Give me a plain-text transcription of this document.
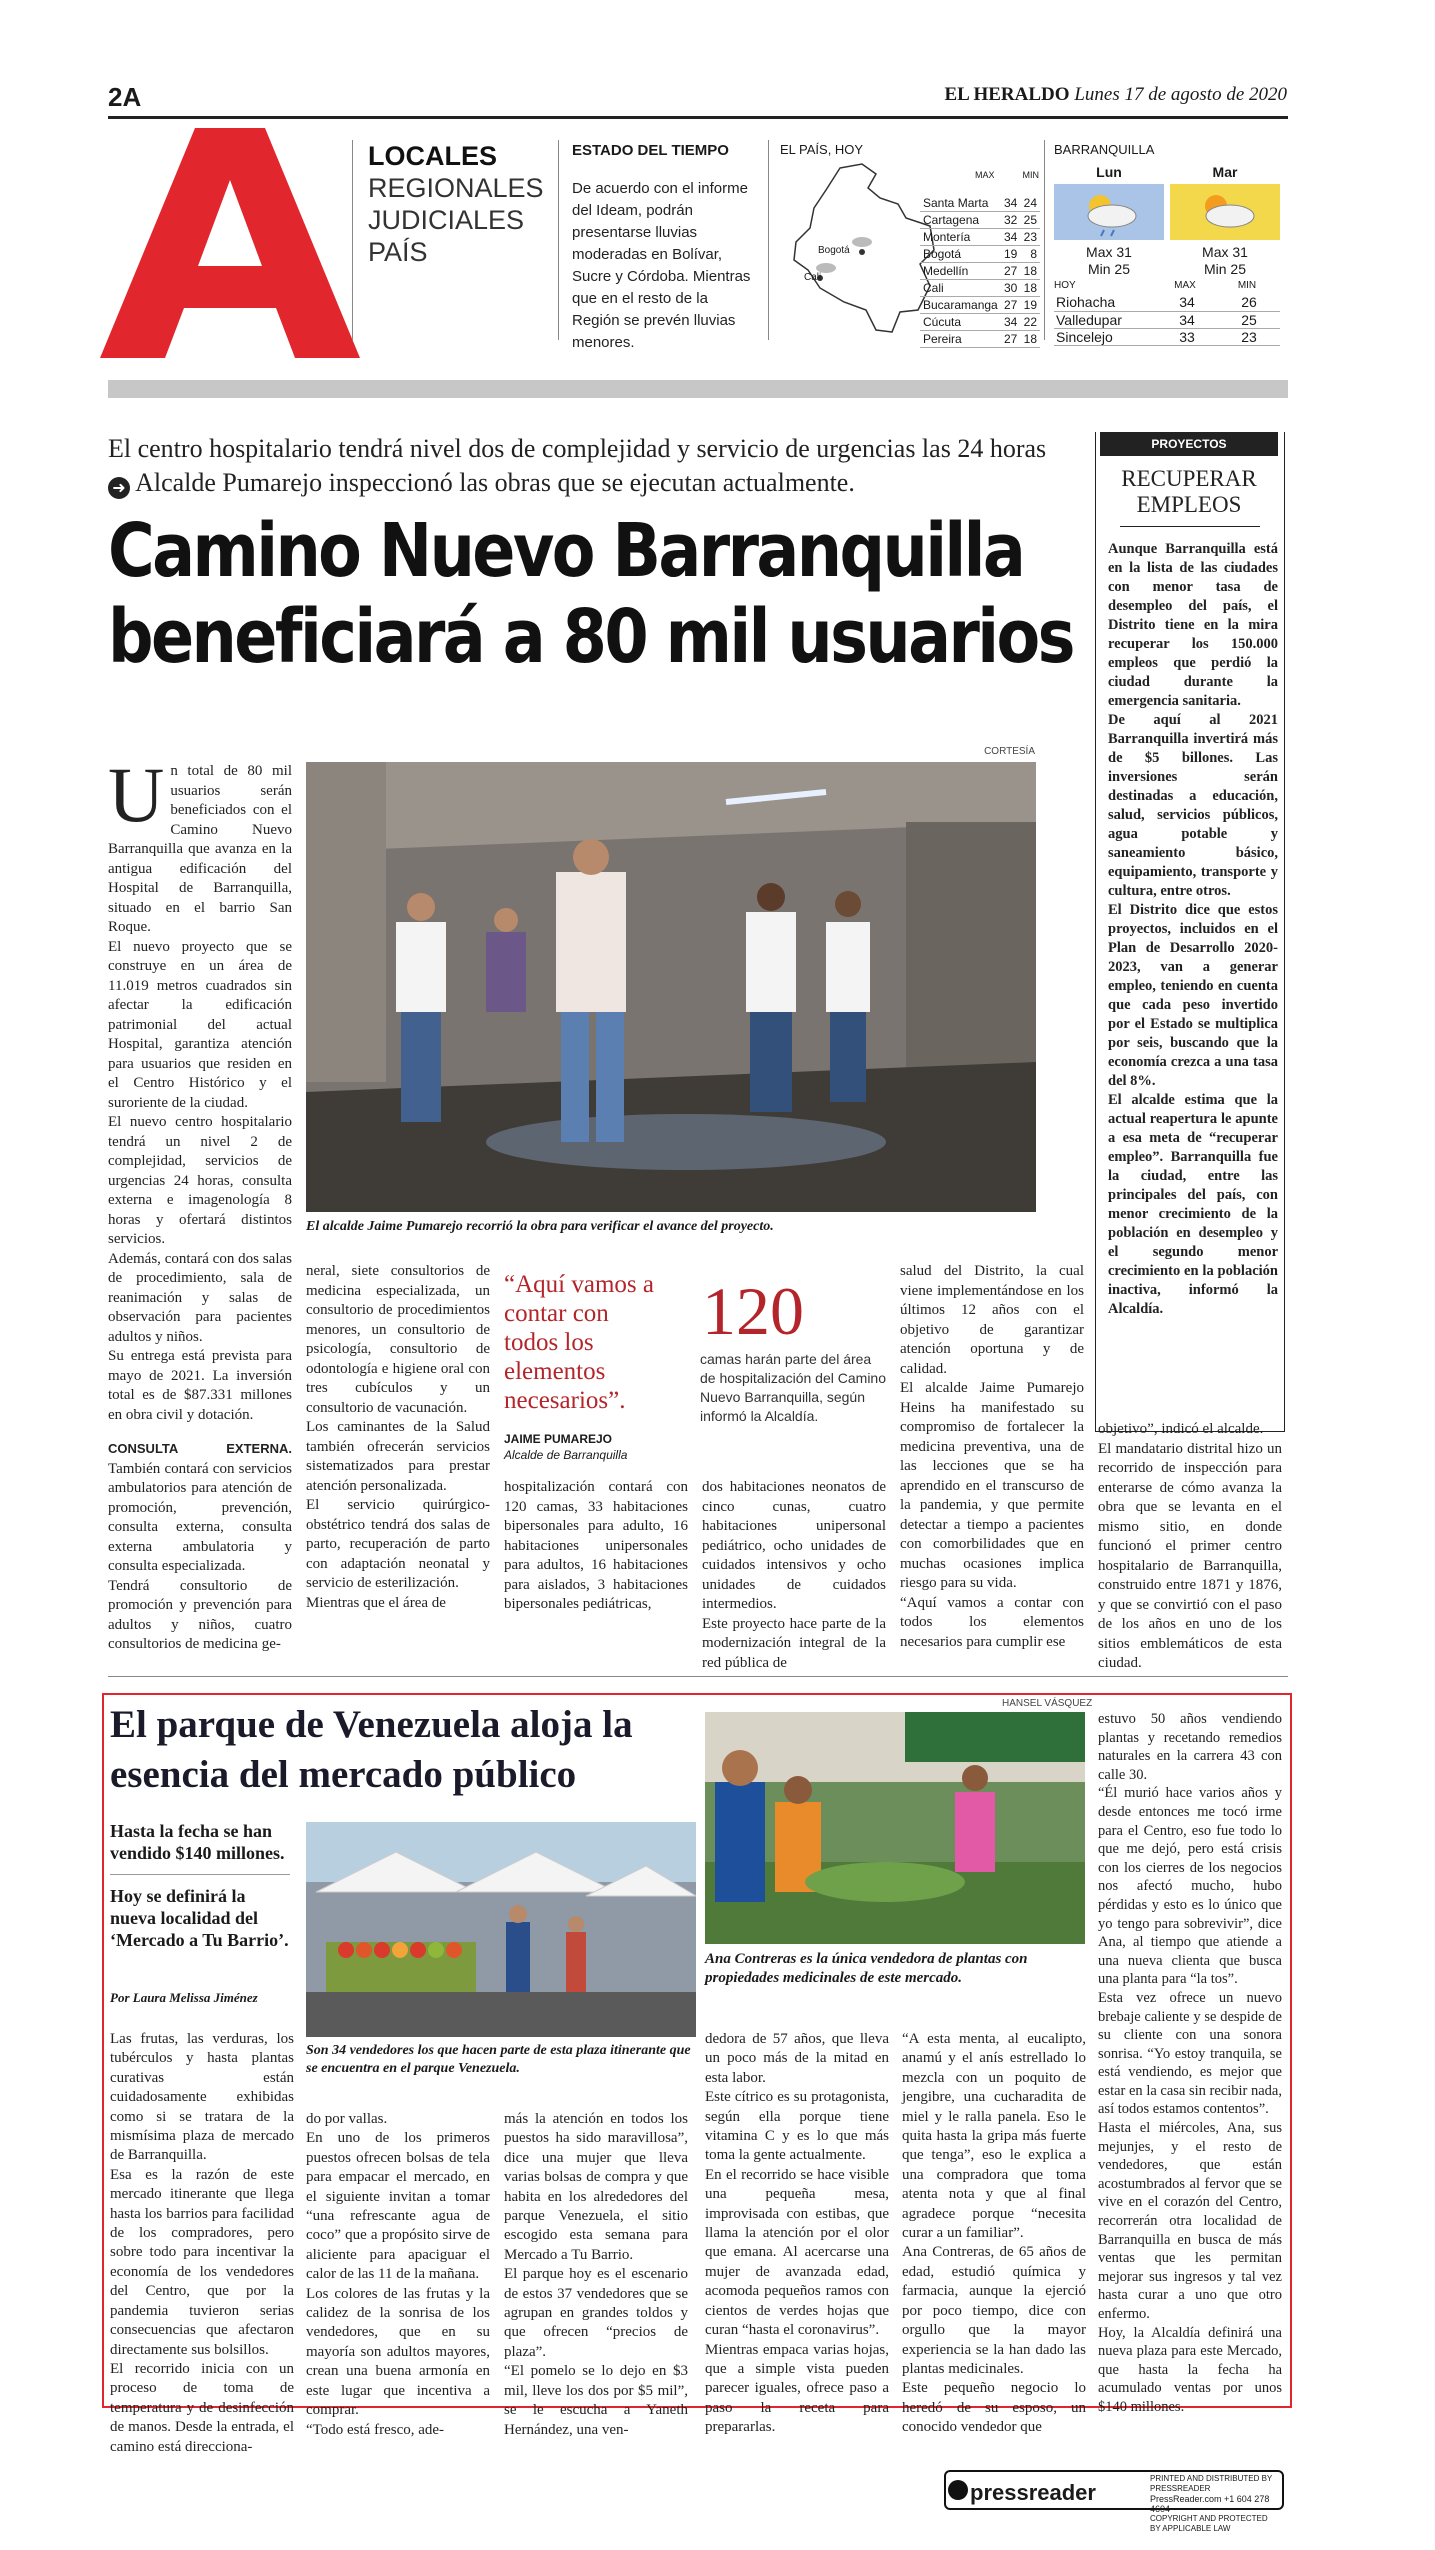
2A	EL HERALDO Lunes 17 de agosto de 2020
LOCALES
REGIONALES
JUDICIALES
PAÍS
ESTADO DEL TIEMPO
De acuerdo con el informe del Ideam, podrán presentarse lluvias moderadas en Bolívar, Sucre y Córdoba. Mientras que en el resto de la Región se prevén lluvias menores.
EL PAÍS, HOY
Bogotá
Cali
MAX	MIN
Santa Marta	34	24
Cartagena	32	25
Montería	34	23
Bogotá	19	8
Medellín	27	18
Cali	30	18
Bucaramanga	27	19
Cúcuta	34	22
Pereira	27	18
BARRANQUILLA
Lun	Mar
Max 31
Min 25
Max 31
Min 25
HOY	MAX	MIN
Riohacha	34	26
Valledupar	34	25
Sincelejo	33	23
El centro hospitalario tendrá nivel dos de complejidad y servicio de urgencias las 24 horas ➜ Alcalde Pumarejo inspeccionó las obras que se ejecutan actualmente.
Camino Nuevo Barranquilla
beneficiará a 80 mil usuarios
U n total de 80 mil usuarios serán beneficiados con el Camino Nuevo Barranquilla que avanza en la antigua edificación del Hospital de Barranquilla, situado en el barrio San Roque.

El nuevo proyecto que se construye en un área de 11.019 metros cuadrados sin afectar la edificación patrimonial del actual Hospital, garantiza atención para usuarios que residen en el Centro Histórico y el suroriente de la ciudad.

El nuevo centro hospitalario tendrá un nivel 2 de complejidad, servicios de urgencias 24 horas, consulta externa e imagenología 8 horas y ofertará distintos servicios.

Además, contará con dos salas de procedimiento, sala de reanimación y salas de observación para pacientes adultos y niños.

Su entrega está prevista para mayo de 2021. La inversión total es de $87.331 millones en obra civil y dotación.

CONSULTA EXTERNA. También contará con servicios ambulatorios para atención de promoción, prevención, consulta externa, consulta externa ambulatoria y consulta especializada.

Tendrá consultorio de promoción y prevención para adultos y niños, cuatro consultorios de medicina ge-

CORTESÍA
El alcalde Jaime Pumarejo recorrió la obra para verificar el avance del proyecto.

neral, siete consultorios de medicina especializada, un consultorio de procedimientos menores, un consultorio de psicología, consultorio de odontología e higiene oral con tres cubículos y un consultorio de vacunación.

Los caminantes de la Salud también ofrecerán servicios sistematizados para prestar atención personalizada.

El servicio quirúrgico-obstétrico tendrá dos salas de parto, recuperación de parto con adaptación neonatal y servicio de esterilización.

Mientras que el área de

“Aquí vamos a contar con todos los elementos necesarios”.
JAIME PUMAREJO
Alcalde de Barranquilla

hospitalización contará con 120 camas, 33 habitaciones bipersonales para adulto, 16 habitaciones unipersonales para adultos, 16 habitaciones para aislados, 3 habitaciones bipersonales pediátricas,

120
camas harán parte del área de hospitalización del Camino Nuevo Barranquilla, según informó la Alcaldía.

dos habitaciones neonatos de cinco cunas, cuatro habitaciones unipersonal pediátrico, ocho unidades de cuidados intensivos y ocho unidades de cuidados intermedios.

Este proyecto hace parte de la modernización integral de la red pública de

salud del Distrito, la cual viene implementándose en los últimos 12 años con el objetivo de garantizar atención oportuna y de calidad.

El alcalde Jaime Pumarejo Heins ha manifestado su compromiso de fortalecer la medicina preventiva, una de las lecciones que se ha aprendido en el transcurso de la pandemia, y que permite detectar a tiempo a pacientes con comorbilidades que en muchas ocasiones implica riesgo para su vida.

“Aquí vamos a contar con todos los elementos necesarios para cumplir ese

objetivo”, indicó el alcalde.

El mandatario distrital hizo un recorrido de inspección para enterarse de cómo avanza la obra que se levanta en el mismo sitio, en donde funcionó el primer centro hospitalario de Barranquilla, construido entre 1871 y 1876, y que se convirtió con el paso de los años en uno de los sitios emblemáticos de esta ciudad.

PROYECTOS
RECUPERAR EMPLEOS

Aunque Barranquilla está en la lista de las ciudades con menor tasa de desempleo del país, el Distrito tiene en la mira recuperar los 150.000 empleos que perdió la ciudad durante la emergencia sanitaria.

De aquí al 2021 Barranquilla invertirá más de $5 billones. Las inversiones serán destinadas a educación, salud, servicios públicos, agua potable y saneamiento básico, equipamiento, transporte y cultura, entre otros.

El Distrito dice que estos proyectos, incluidos en el Plan de Desarrollo 2020-2023, van a generar empleo, teniendo en cuenta que cada peso invertido por el Estado se multiplica por seis, buscando que la economía crezca a una tasa del 8%.

El alcalde estima que la actual reapertura le apunte a esa meta de “recuperar empleo”. Barranquilla fue la ciudad, entre las principales del país, con menor crecimiento de la población en desempleo y el segundo menor crecimiento en la población inactiva, informó la Alcaldía.

El parque de Venezuela aloja la esencia del mercado público

Hasta la fecha se han vendido $140 millones.

Hoy se definirá la nueva localidad del ‘Mercado a Tu Barrio’.

Por Laura Melissa Jiménez
Son 34 vendedores los que hacen parte de esta plaza itinerante que se encuentra en el parque Venezuela.
HANSEL VÁSQUEZ
Ana Contreras es la única vendedora de plantas con propiedades medicinales de este mercado.

Las frutas, las verduras, los tubérculos y hasta plantas curativas están cuidadosamente exhibidas como si se tratara de la mismísima plaza de mercado de Barranquilla.

Esa es la razón de este mercado itinerante que llega hasta los barrios para facilidad de los compradores, pero sobre todo para incentivar la economía de los vendedores del Centro, que por la pandemia tuvieron serias consecuencias que afectaron directamente sus bolsillos.

El recorrido inicia con un proceso de toma de temperatura y de desinfección de manos. Desde la entrada, el camino está direcciona-

do por vallas.

En uno de los primeros puestos ofrecen bolsas de tela para empacar el mercado, en el siguiente invitan a tomar “una refrescante agua de coco” que a propósito sirve de aliciente para apaciguar el calor de las 11 de la mañana.

Los colores de las frutas y la calidez de la sonrisa de los vendedores, que en su mayoría son adultos mayores, crean una buena armonía en este lugar que incentiva a comprar.

“Todo está fresco, ade-

más la atención en todos los puestos ha sido maravillosa”, dice una mujer que lleva varias bolsas de compra y que habita en los alrededores del parque Venezuela, el sitio escogido esta semana para Mercado a Tu Barrio.

El parque hoy es el escenario de estos 37 vendedores que se agrupan en grandes toldos y que ofrecen “precios de plaza”.

“El pomelo se lo dejo en $3 mil, lleve los dos por $5 mil”, se le escucha a Yaneth Hernández, una ven-

dedora de 57 años, que lleva un poco más de la mitad en esta labor.

Este cítrico es su protagonista, según ella porque tiene vitamina C y es lo que más toma la gente actualmente.

En el recorrido se hace visible una pequeña mesa, improvisada con estibas, que llama la atención por el olor que emana. Al acercarse una mujer de avanzada edad, acomoda pequeños ramos con cientos de verdes hojas que curan “hasta el coronavirus”.

Mientras empaca varias hojas, que a simple vista pueden parecer iguales, ofrece paso a paso la receta para prepararlas.

“A esta menta, al eucalipto, anamú y el anís estrellado lo mezcla con un poquito de jengibre, una cucharadita de miel y le ralla panela. Eso le quita hasta la gripa más fuerte que tenga”, eso le explica a una compradora que toma atenta nota y que al final agradece porque “necesita curar a un familiar”.

Ana Contreras, de 65 años de edad, estudió química y farmacia, aunque la ejerció por poco tiempo, dice con orgullo que la mayor experiencia se la han dado las plantas medicinales.

Este pequeño negocio lo heredó de su esposo, un conocido vendedor que

estuvo 50 años vendiendo plantas y recetando remedios naturales en la carrera 43 con calle 30.

“Él murió hace varios años y desde entonces me tocó irme para el Centro, eso fue todo lo que me dejó, pero está crisis con los cierres de los negocios nos afectó mucho, hubo pérdidas y esto es lo único que yo tengo para sobrevivir”, dice Ana, al tiempo que atiende a una nueva clienta que busca una planta para “la tos”.

Esta vez ofrece un nuevo brebaje caliente y se despide de su cliente con una sonora sonrisa. “Yo estoy tranquila, se está vendiendo, es mejor que estar en la casa sin recibir nada, así todos estamos contentos”.

Hasta el miércoles, Ana, sus mejunjes, y el resto de vendedores, que están acostumbrados al fervor que se vive en el corazón del Centro, recorrerán otra localidad de Barranquilla en busca de más ventas que les permitan mejorar sus ingresos y tal vez hasta curar a uno que otro enfermo.

Hoy, la Alcaldía definirá una nueva plaza para este Mercado, que hasta la fecha ha acumulado ventas por unos $140 millones.

pressreader
PRINTED AND DISTRIBUTED BY PRESSREADER
PressReader.com +1 604 278 4604
COPYRIGHT AND PROTECTED BY APPLICABLE LAW
